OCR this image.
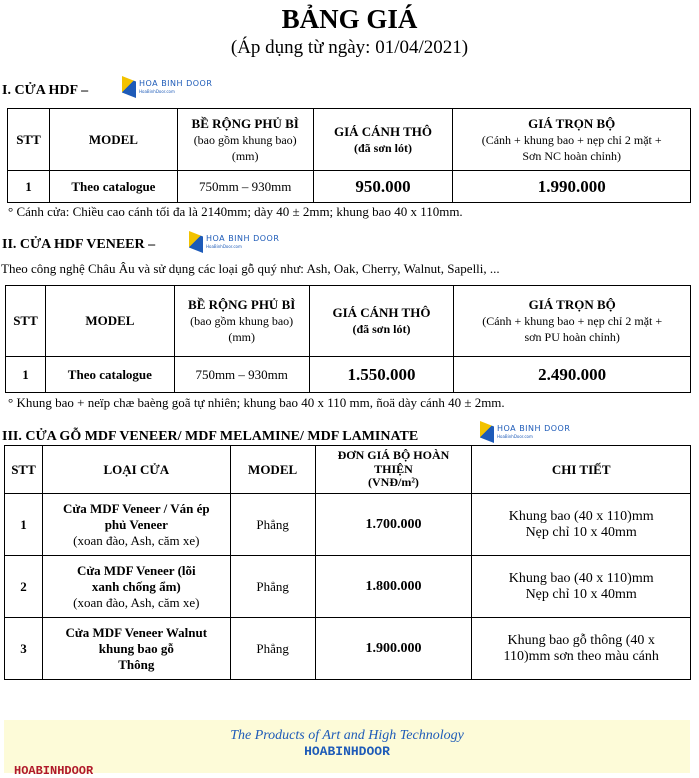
BẢNG GIÁ
(Áp dụng từ ngày: 01/04/2021)
I. CỬA HDF –	HOA BINH DOOR
HoaBinhDoor.com
STT	MODEL	BỀ RỘNG PHỦ BÌ
(bao gồm khung bao)
(mm)	GIÁ CÁNH THÔ
(đã sơn lót)	GIÁ TRỌN BỘ
(Cánh + khung bao + nẹp chỉ 2 mặt +
Sơn NC hoàn chỉnh)
1	Theo catalogue	750mm – 930mm	950.000	1.990.000
° Cánh cửa: Chiều cao cánh tối đa là 2140mm; dày 40 ± 2mm; khung bao 40 x 110mm.
II. CỬA HDF VENEER –	HOA BINH DOOR
HoaBinhDoor.com
Theo công nghệ Châu Âu và sử dụng các loại gỗ quý như: Ash, Oak, Cherry, Walnut, Sapelli, ...
STT	MODEL	BỀ RỘNG PHỦ BÌ
(bao gồm khung bao)
(mm)	GIÁ CÁNH THÔ
(đã sơn lót)	GIÁ TRỌN BỘ
(Cánh + khung bao + nẹp chỉ 2 mặt +
sơn PU hoàn chỉnh)
1	Theo catalogue	750mm – 930mm	1.550.000	2.490.000
° Khung bao + neïp chæ baèng goã tự nhiên; khung bao 40 x 110 mm, ñoä dày cánh 40 ± 2mm.
III. CỬA GỖ MDF VENEER/ MDF MELAMINE/ MDF LAMINATE
HOA BINH DOOR
HoaBinhDoor.com
STT	LOẠI CỬA	MODEL	ĐƠN GIÁ BỘ HOÀN
THIỆN
(VNĐ/m²)	CHI TIẾT
1	Cửa MDF Veneer / Ván ép
phủ Veneer
(xoan đào, Ash, căm xe)	Phẳng	1.700.000	Khung bao (40 x 110)mm
Nẹp chỉ 10 x 40mm
2	Cửa MDF Veneer (lõi
xanh chống ẩm)
(xoan đào, Ash, căm xe)	Phẳng	1.800.000	Khung bao (40 x 110)mm
Nẹp chỉ 10 x 40mm
3	Cửa MDF Veneer Walnut
khung bao gỗ
Thông	Phẳng	1.900.000	Khung bao gỗ thông (40 x
110)mm sơn theo màu cánh
The Products of Art and High Technology
HOABINHDOOR
HOABINHDOOR
